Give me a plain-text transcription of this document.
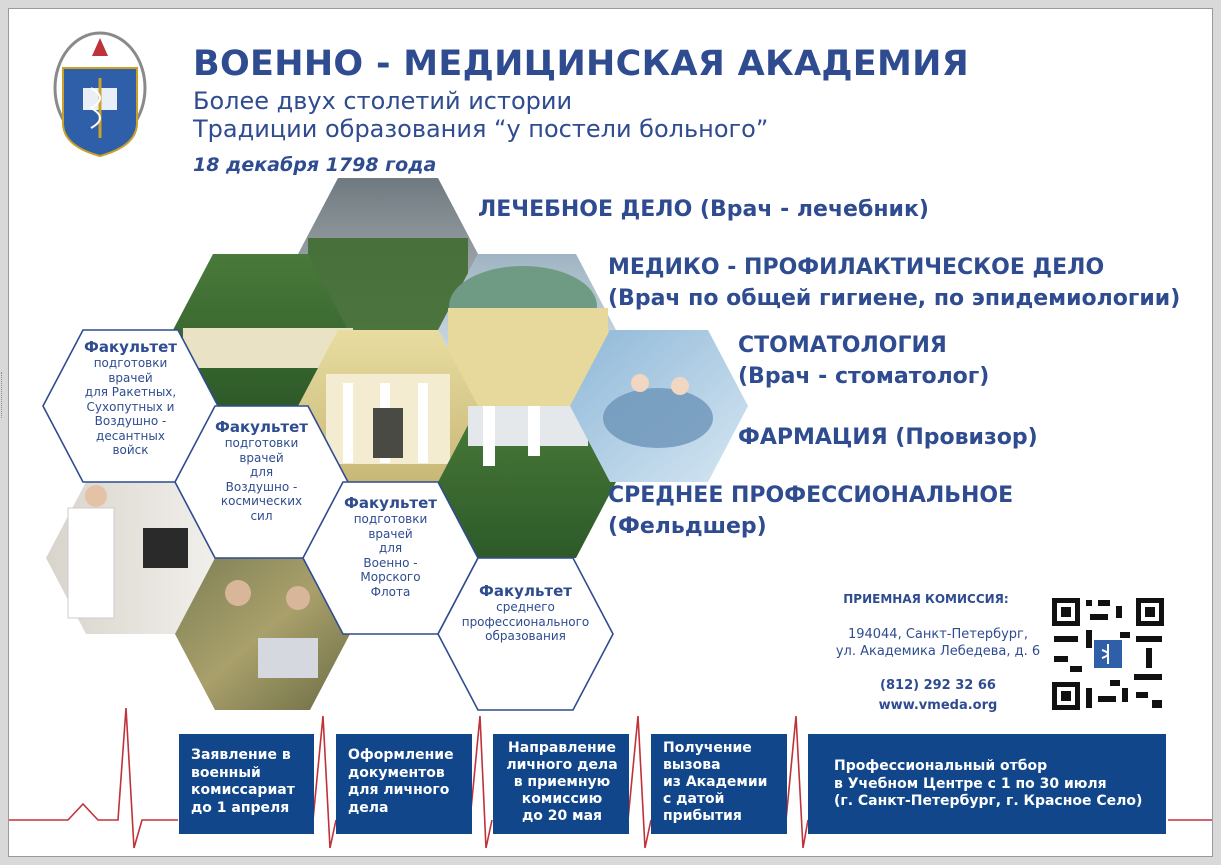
ВОЕННО - МЕДИЦИНСКАЯ АКАДЕМИЯ
Более двух столетий истории
Традиции образования “у постели больного”
18 декабря 1798 года
ЛЕЧЕБНОЕ ДЕЛО (Врач - лечебник)
МЕДИКО - ПРОФИЛАКТИЧЕСКОЕ ДЕЛО
(Врач по общей гигиене, по эпидемиологии)
СТОМАТОЛОГИЯ
(Врач - стоматолог)
ФАРМАЦИЯ (Провизор)
СРЕДНЕЕ ПРОФЕССИОНАЛЬНОЕ
(Фельдшер)
Факультет
подготовки
врачей
для Ракетных,
Сухопутных и
Воздушно -
десантных
войск
Факультет
подготовки
врачей
для
Воздушно -
космических
сил
Факультет
подготовки
врачей
для
Военно -
Морского
Флота	Факультет
среднего
профессионального
образования
ПРИЕМНАЯ КОМИССИЯ:
194044, Санкт-Петербург,
ул. Академика Лебедева, д. 6
(812) 292 32 66
www.vmeda.org
Заявление в
военный
комиссариат
до 1 апреля
Оформление
документов
для личного
дела
Направление
личного дела
в приемную
комиссию
до 20 мая
Получение
вызова
из Академии
с датой
прибытия
Профессиональный отбор
в Учебном Центре с 1 по 30 июля
(г. Санкт-Петербург, г. Красное Село)
